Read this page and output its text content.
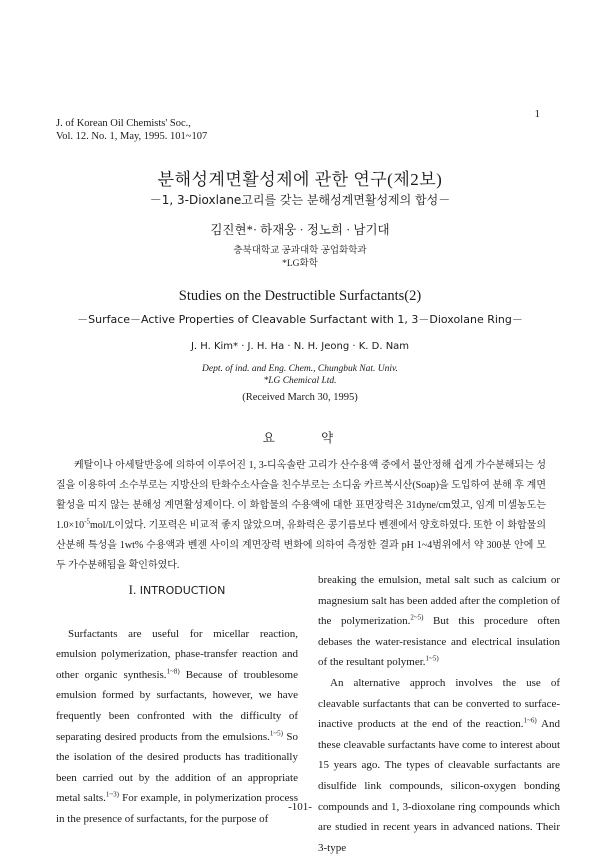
J. of Korean Oil Chemists' Soc.,
Vol. 12. No. 1, May, 1995. 101~107
1
분해성계면활성제에 관한 연구(제2보)
－1, 3-Dioxlane고리를 갖는 분해성계면활성제의 합성－
김진현*· 하재웅 · 정노희 · 남기대
충북대학교 공과대학 공업화학과
*LG화학
Studies on the Destructible Surfactants(2)
－Surface－Active Properties of Cleavable Surfactant with 1, 3－Dioxolane Ring－
J. H. Kim* · J. H. Ha · N. H. Jeong · K. D. Nam
Dept. of ind. and Eng. Chem., Chungbuk Nat. Univ.
*LG Chemical Ltd.
(Received March 30, 1995)
요	약

케탈이나 아세탈반응에 의하여 이루어진 1, 3-디옥솔란 고리가 산수용액 중에서 불안정해 쉽게 가수분해되는 성질을 이용하여 소수부로는 지방산의 탄화수소사슬을 친수부로는 소디움 카르복시산(Soap)을 도입하여 분해 후 계면활성을 띠지 않는 분해성 계면활성제이다. 이 화합물의 수용액에 대한 표면장력은 31dyne/cm였고, 임계 미셀농도는 $1.0\times 10^{-5}mol/L$이었다. 기포력은 비교적 좋지 않았으며, 유화력은 콩기름보다 벤젠에서 양호하였다. 또한 이 화합물의 산분해 특성을 1wt% 수용액과 벤젠 사이의 계면장력 변화에 의하여 측정한 결과 pH 1~4범위에서 약 300분 안에 모두 가수분해됨을 확인하였다.

I. INTRODUCTION

Surfactants are useful for micellar reaction, emulsion polymerization, phase-transfer reaction and other organic synthesis.$^{1\sim 8)}$ Because of troublesome emulsion formed by surfactants, however, we have frequently been confronted with the difficulty of separating desired products from the emulsions.$^{1\sim 5)}$ So the isolation of the desired products has traditionally been carried out by the addition of an appropriate metal salts.$^{1\sim 3)}$ For example, in polymerization process in the presence of surfactants, for the purpose of

breaking the emulsion, metal salt such as calcium or magnesium salt has been added after the completion of the polymerization.$^{2\sim 5)}$ But this procedure often debases the water-resistance and electrical insulation of the resultant polymer.$^{1\sim 5)}$

An alternative approch involves the use of cleavable surfactants that can be converted to surface-inactive products at the end of the reaction.$^{1\sim 6)}$ And these cleavable surfactants have come to interest about 15 years ago. The types of cleavable surfactants are disulfide link compounds, silicon-oxygen bonding compounds and 1, 3-dioxolane ring compounds which are studied in recent years in advanced nations. Their 3-type

-101-
